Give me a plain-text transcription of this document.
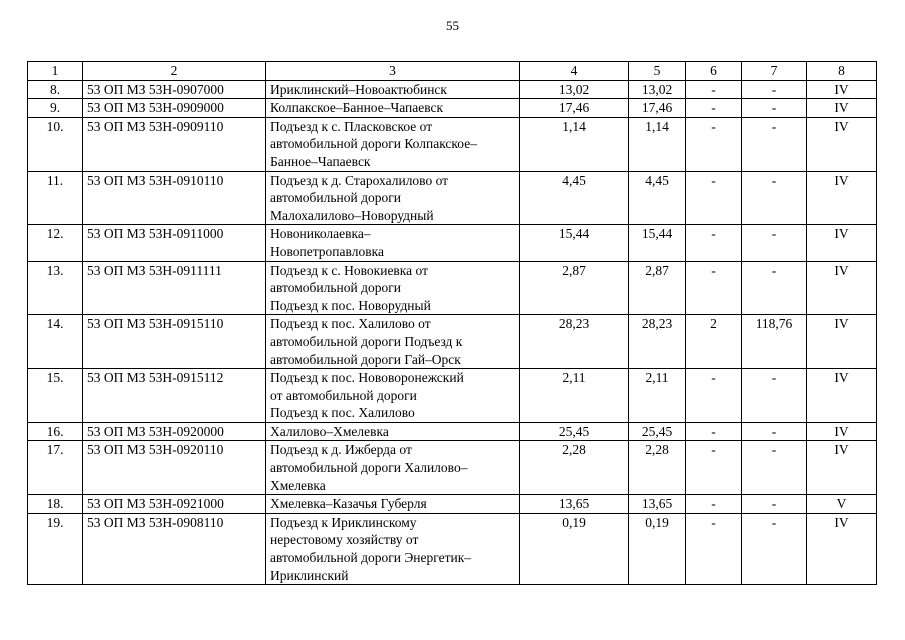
55
1	2	3	4	5	6	7	8
8.	53 ОП МЗ 53Н-0907000	Ириклинский–Новоактюбинск	13,02	13,02	-	-	IV
9.	53 ОП МЗ 53Н-0909000	Колпакское–Банное–Чапаевск	17,46	17,46	-	-	IV
10.	53 ОП МЗ 53Н-0909110	Подъезд к с. Пласковское от
автомобильной дороги Колпакское–
Банное–Чапаевск	1,14	1,14	-	-	IV
11.	53 ОП МЗ 53Н-0910110	Подъезд к д. Старохалилово от
автомобильной дороги
Малохалилово–Новорудный	4,45	4,45	-	-	IV
12.	53 ОП МЗ 53Н-0911000	Новониколаевка–
Новопетропавловка	15,44	15,44	-	-	IV
13.	53 ОП МЗ 53Н-0911111	Подъезд к с. Новокиевка от
автомобильной дороги
Подъезд к пос. Новорудный	2,87	2,87	-	-	IV
14.	53 ОП МЗ 53Н-0915110	Подъезд к пос. Халилово от
автомобильной дороги Подъезд к
автомобильной дороги Гай–Орск	28,23	28,23	2	118,76	IV
15.	53 ОП МЗ 53Н-0915112	Подъезд к пос. Нововоронежский
от автомобильной дороги
Подъезд к пос. Халилово	2,11	2,11	-	-	IV
16.	53 ОП МЗ 53Н-0920000	Халилово–Хмелевка	25,45	25,45	-	-	IV
17.	53 ОП МЗ 53Н-0920110	Подъезд к д. Ижберда от
автомобильной дороги Халилово–
Хмелевка	2,28	2,28	-	-	IV
18.	53 ОП МЗ 53Н-0921000	Хмелевка–Казачья Губерля	13,65	13,65	-	-	V
19.	53 ОП МЗ 53Н-0908110	Подъезд к Ириклинскому
нерестовому хозяйству от
автомобильной дороги Энергетик–
Ириклинский	0,19	0,19	-	-	IV
